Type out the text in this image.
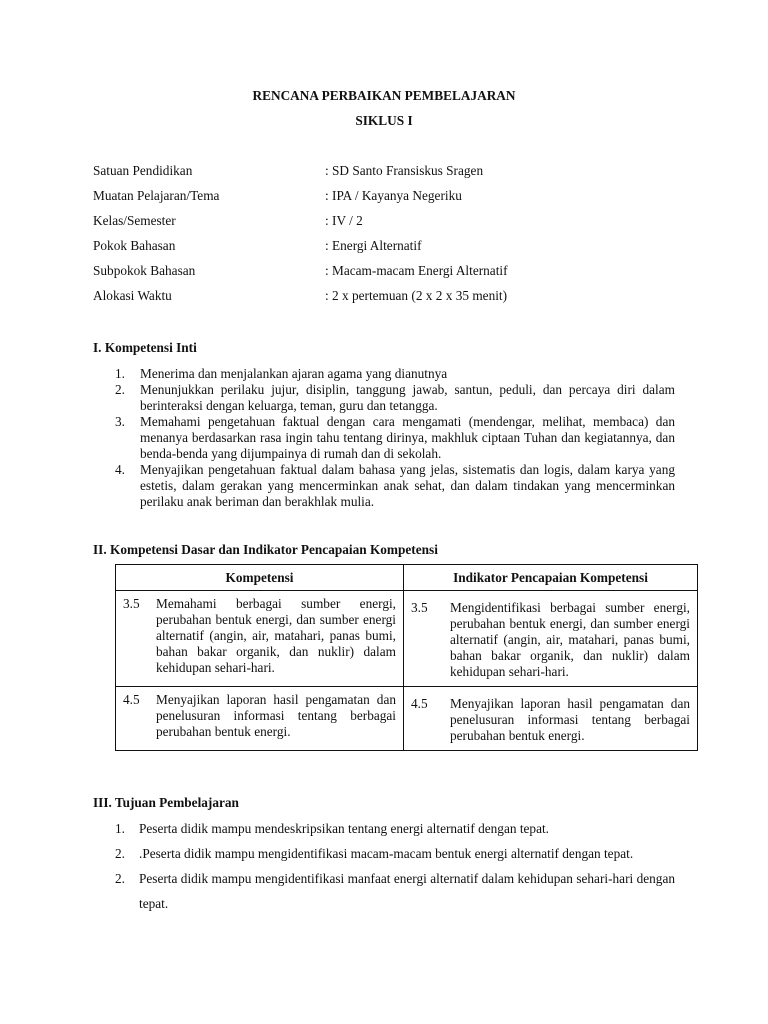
RENCANA PERBAIKAN PEMBELAJARAN
SIKLUS I
Satuan Pendidikan	: SD Santo Fransiskus Sragen
Muatan Pelajaran/Tema	: IPA / Kayanya Negeriku
Kelas/Semester	: IV / 2
Pokok Bahasan	: Energi Alternatif
Subpokok Bahasan	: Macam-macam Energi Alternatif
Alokasi Waktu	: 2 x pertemuan (2 x 2 x 35 menit)
I. Kompetensi Inti
1. Menerima dan menjalankan ajaran agama yang dianutnya
2. Menunjukkan perilaku jujur, disiplin, tanggung jawab, santun, peduli, dan percaya diri dalam berinteraksi dengan keluarga, teman, guru dan tetangga.
3. Memahami pengetahuan faktual dengan cara mengamati (mendengar, melihat, membaca) dan menanya berdasarkan rasa ingin tahu tentang dirinya, makhluk ciptaan Tuhan dan kegiatannya, dan benda-benda yang dijumpainya di rumah dan di sekolah.
4. Menyajikan pengetahuan faktual dalam bahasa yang jelas, sistematis dan logis, dalam karya yang estetis, dalam gerakan yang mencerminkan anak sehat, dan dalam tindakan yang mencerminkan perilaku anak beriman dan berakhlak mulia.
II. Kompetensi Dasar dan Indikator Pencapaian Kompetensi
Kompetensi	Indikator Pencapaian Kompetensi

3.5 Memahami berbagai sumber energi, perubahan bentuk energi, dan sumber energi alternatif (angin, air, matahari, panas bumi, bahan bakar organik, dan nuklir) dalam kehidupan sehari-hari.	3.5 Mengidentifikasi berbagai sumber energi, perubahan bentuk energi, dan sumber energi alternatif (angin, air, matahari, panas bumi, bahan bakar organik, dan nuklir) dalam kehidupan sehari-hari.

4.5 Menyajikan laporan hasil pengamatan dan penelusuran informasi tentang berbagai perubahan bentuk energi.	4.5 Menyajikan laporan hasil pengamatan dan penelusuran informasi tentang berbagai perubahan bentuk energi.
III. Tujuan Pembelajaran
1. Peserta didik mampu mendeskripsikan tentang energi alternatif dengan tepat.
2. .Peserta didik mampu mengidentifikasi macam-macam bentuk energi alternatif dengan tepat.
2. Peserta didik mampu mengidentifikasi manfaat energi alternatif dalam kehidupan sehari-hari dengan tepat.
